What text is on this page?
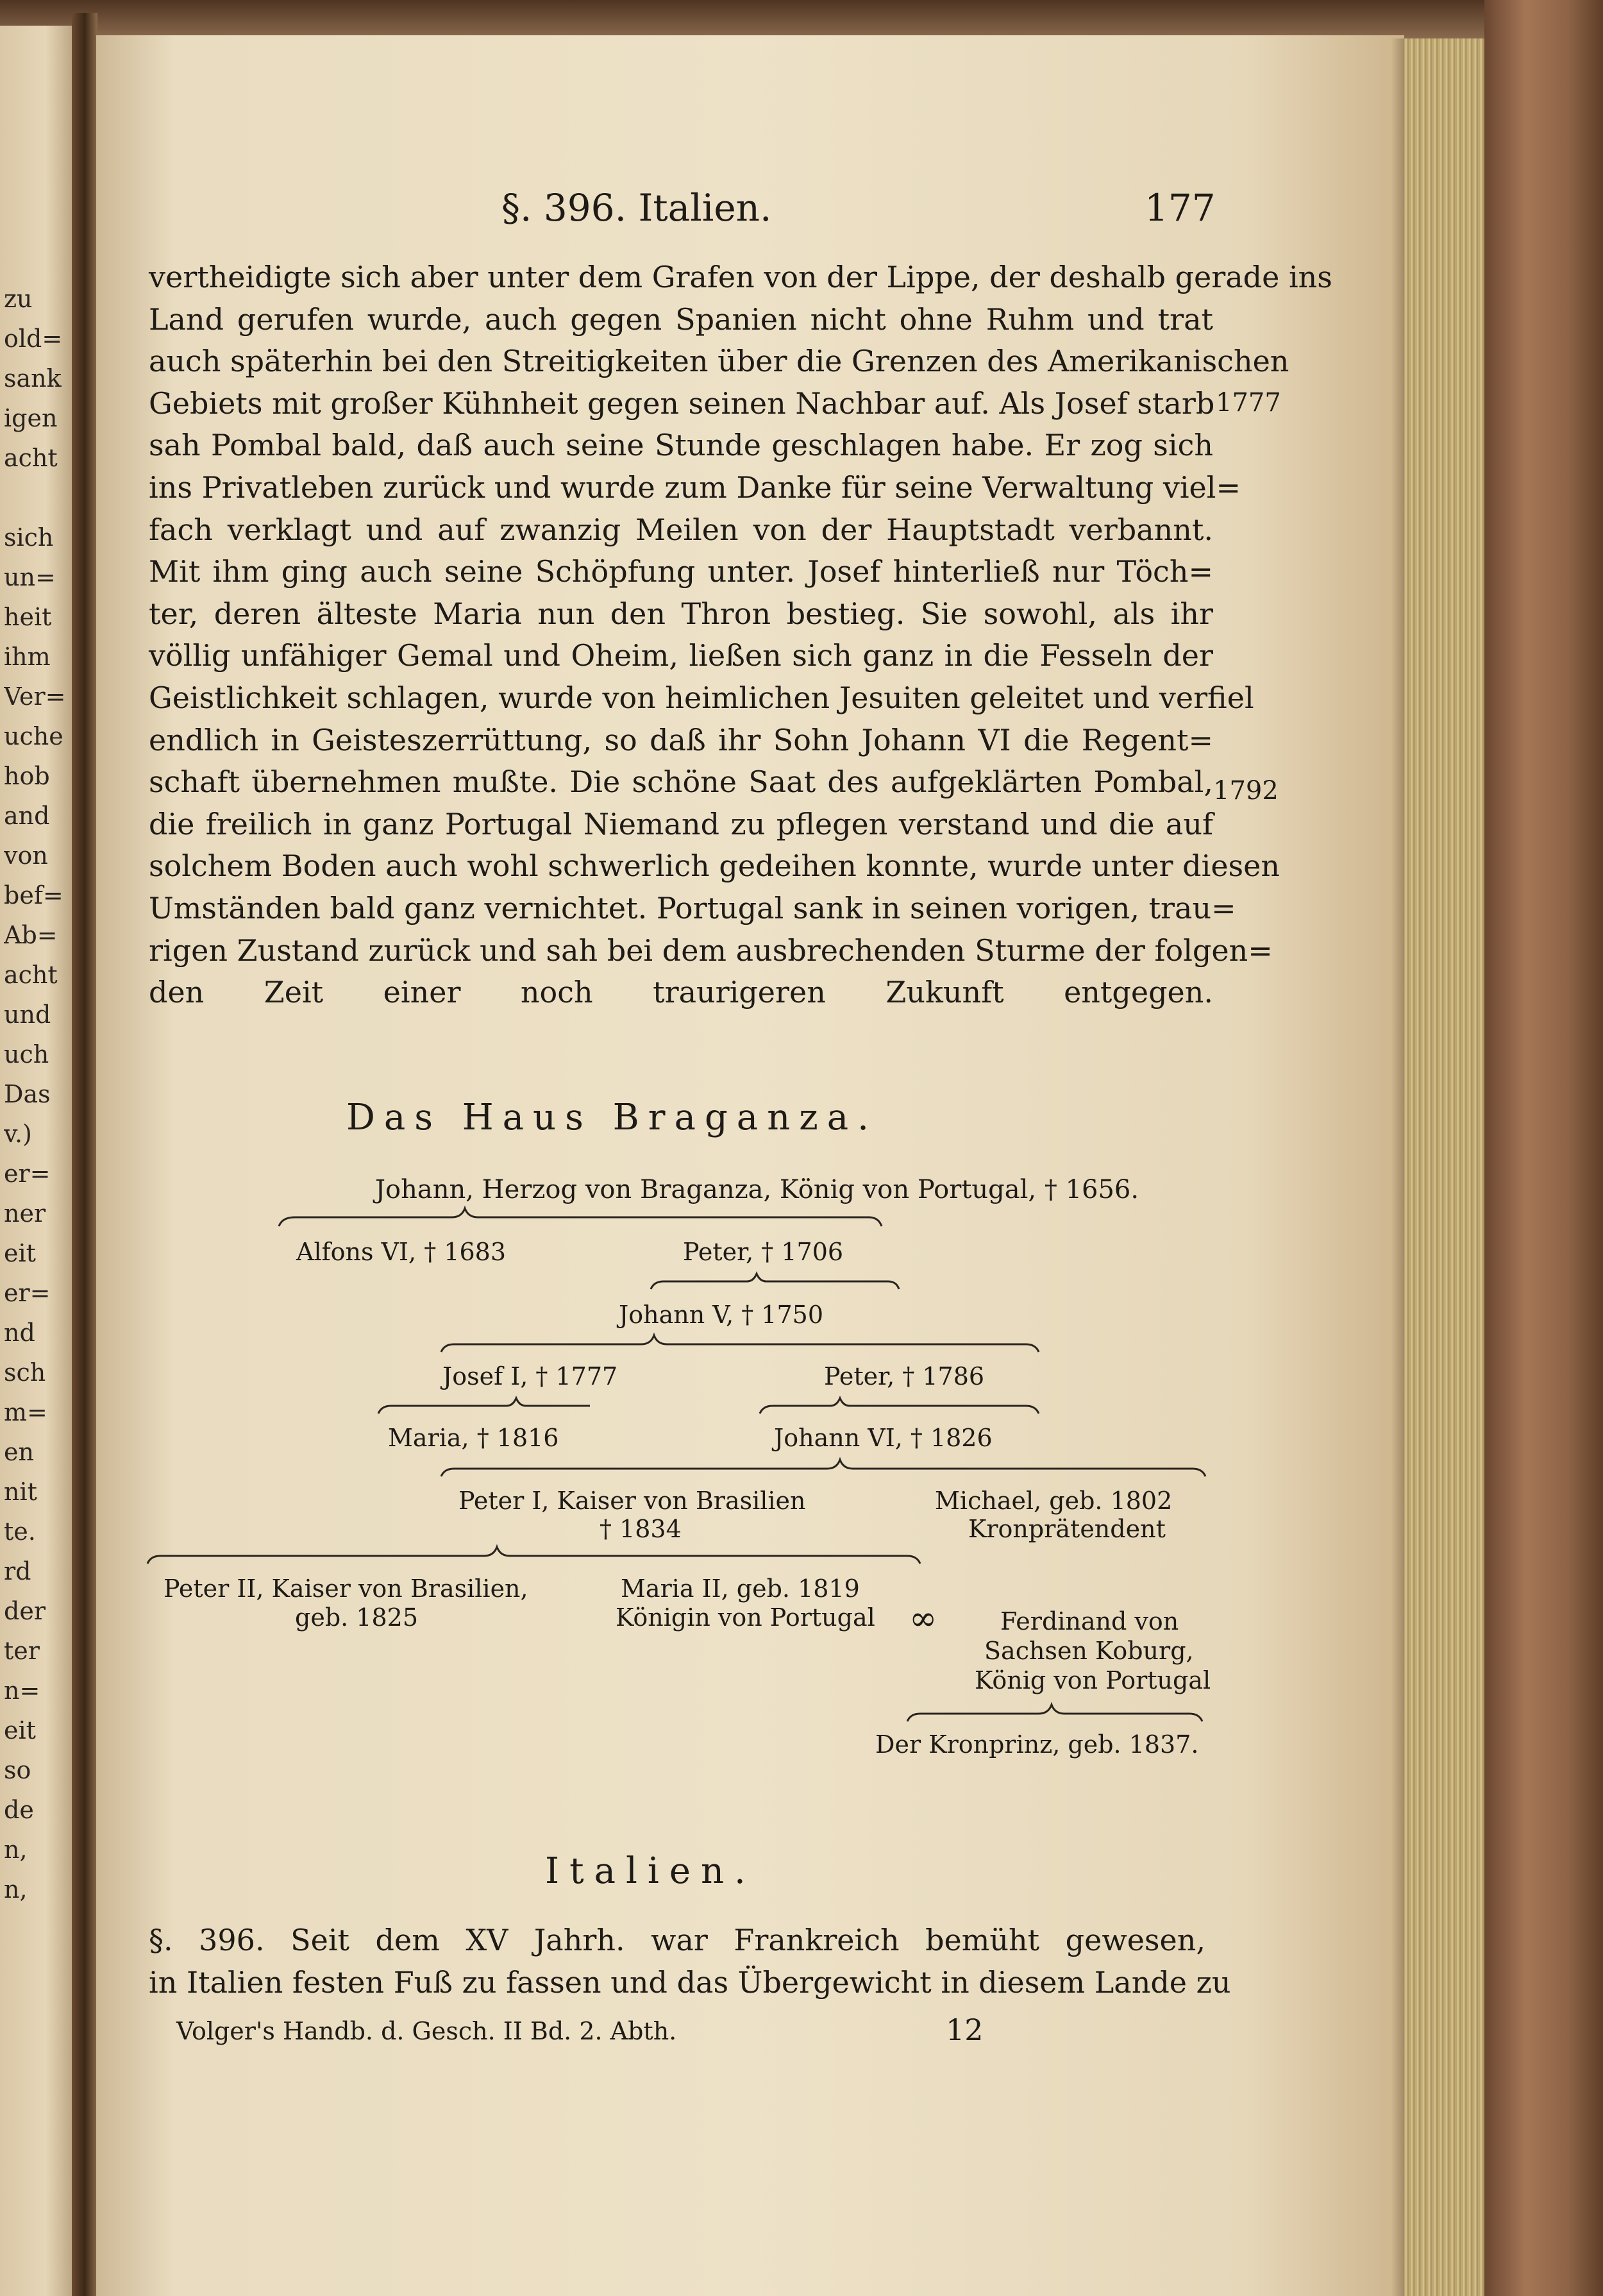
zu
old=
sank
igen
acht
sich
un=
heit
ihm
Ver=
uche
hob
and
von
bef=
Ab=
acht
und
uch
Das
v.)
er=
ner
eit
er=
nd
sch
m=
en
nit
te.
rd
der
ter
n=
eit
so
de
n,
n,
§. 396. Italien.	177
vertheidigte sich aber unter dem Grafen von der Lippe, der deshalb gerade ins
Land gerufen wurde, auch gegen Spanien nicht ohne Ruhm und trat
auch späterhin bei den Streitigkeiten über die Grenzen des Amerikanischen
Gebiets mit großer Kühnheit gegen seinen Nachbar auf. Als Josef starb
sah Pombal bald, daß auch seine Stunde geschlagen habe. Er zog sich
ins Privatleben zurück und wurde zum Danke für seine Verwaltung viel=
fach verklagt und auf zwanzig Meilen von der Hauptstadt verbannt.
Mit ihm ging auch seine Schöpfung unter. Josef hinterließ nur Töch=
ter, deren älteste Maria nun den Thron bestieg. Sie sowohl, als ihr
völlig unfähiger Gemal und Oheim, ließen sich ganz in die Fesseln der
Geistlichkeit schlagen, wurde von heimlichen Jesuiten geleitet und verfiel
endlich in Geisteszerrüttung, so daß ihr Sohn Johann VI die Regent=
schaft übernehmen mußte. Die schöne Saat des aufgeklärten Pombal,
die freilich in ganz Portugal Niemand zu pflegen verstand und die auf
solchem Boden auch wohl schwerlich gedeihen konnte, wurde unter diesen
Umständen bald ganz vernichtet. Portugal sank in seinen vorigen, trau=
rigen Zustand zurück und sah bei dem ausbrechenden Sturme der folgen=
den Zeit einer noch traurigeren Zukunft entgegen.
1777
1792
Das Haus Braganza.
Johann, Herzog von Braganza, König von Portugal, † 1656.
Alfons VI, † 1683	Peter, † 1706
Johann V, † 1750
Josef I, † 1777	Peter, † 1786
Maria, † 1816	Johann VI, † 1826
Peter I, Kaiser von Brasilien
† 1834
Michael, geb. 1802
Kronprätendent
Peter II, Kaiser von Brasilien,
geb. 1825
Maria II, geb. 1819
Königin von Portugal ∞	Ferdinand von
Sachsen Koburg,
König von Portugal
Der Kronprinz, geb. 1837.
Italien.
§. 396. Seit dem XV Jahrh. war Frankreich bemüht gewesen,
in Italien festen Fuß zu fassen und das Übergewicht in diesem Lande zu
Volger's Handb. d. Gesch. II Bd. 2. Abth.	12
